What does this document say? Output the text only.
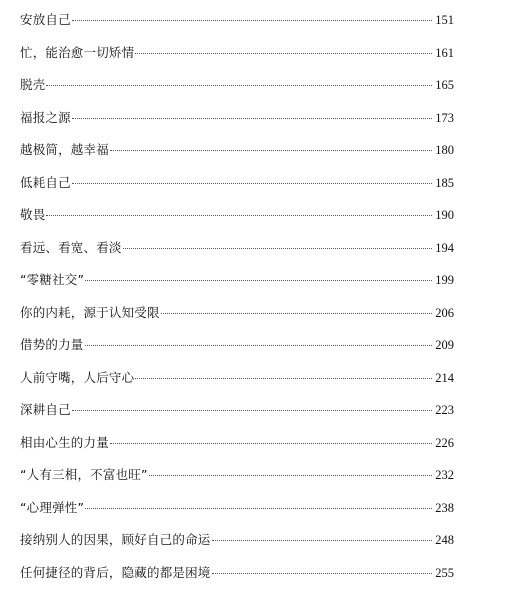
安放自己	151
忙，能治愈一切矫情	161
脱壳	165
福报之源	173
越极简，越幸福	180
低耗自己	185
敬畏	190
看远、看宽、看淡	194
“零糖社交”	199
你的内耗，源于认知受限	206
借势的力量	209
人前守嘴，人后守心	214
深耕自己	223
相由心生的力量	226
“人有三相，不富也旺”	232
“心理弹性”	238
接纳别人的因果，顾好自己的命运	248
任何捷径的背后，隐藏的都是困境	255
